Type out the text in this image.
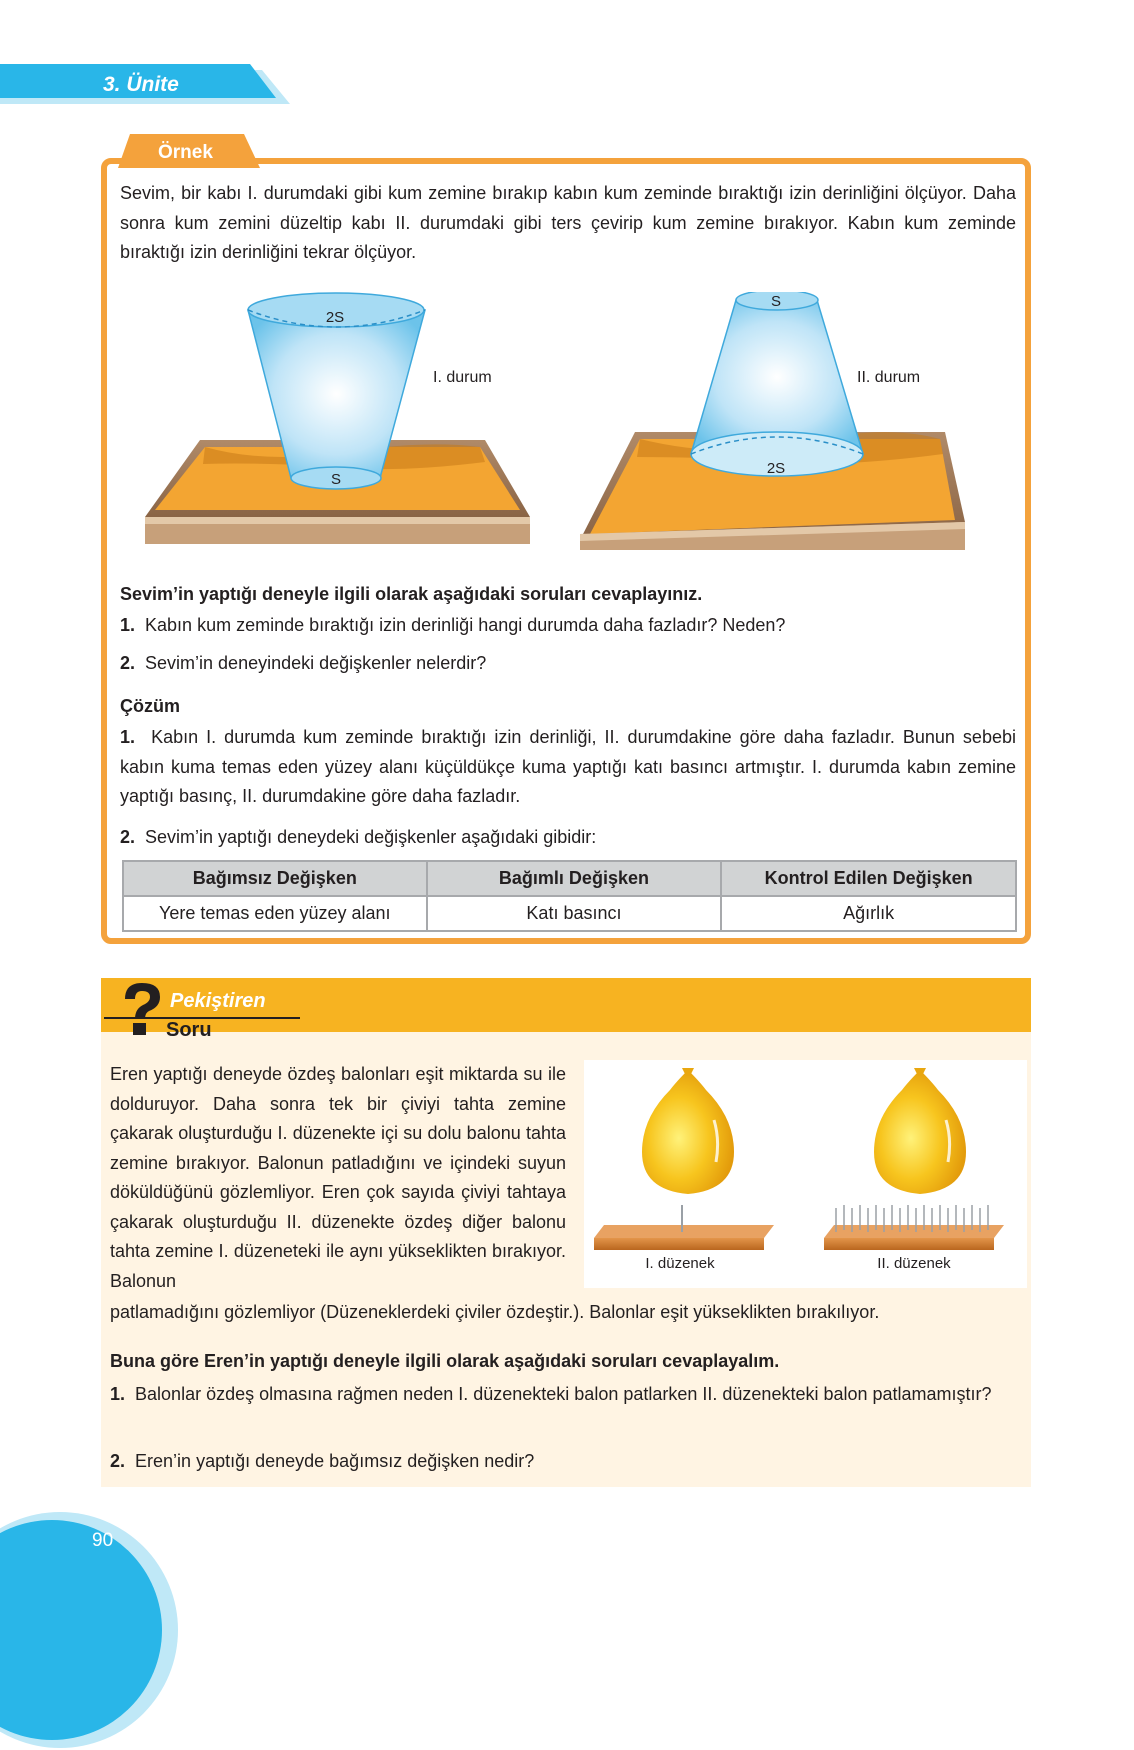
3. Ünite
Örnek
Sevim, bir kabı I. durumdaki gibi kum zemine bırakıp kabın kum zeminde bıraktığı izin derinliğini ölçüyor. Daha sonra kum zemini düzeltip kabı II. durumdaki gibi ters çevirip kum zemine bırakıyor. Kabın kum zeminde bıraktığı izin derinliğini tekrar ölçüyor.
2S
S
I. durum
S
2S
II. durum
Sevim’in yaptığı deneyle ilgili olarak aşağıdaki soruları cevaplayınız.
1. Kabın kum zeminde bıraktığı izin derinliği hangi durumda daha fazladır? Neden?
2. Sevim’in deneyindeki değişkenler nelerdir?
Çözüm
1. Kabın I. durumda kum zeminde bıraktığı izin derinliği, II. durumdakine göre daha fazladır. Bunun sebebi kabın kuma temas eden yüzey alanı küçüldükçe kuma yaptığı katı basıncı artmıştır. I. durumda kabın zemine yaptığı basınç, II. durumdakine göre daha fazladır.
2. Sevim’in yaptığı deneydeki değişkenler aşağıdaki gibidir:
Bağımsız Değişken	Bağımlı Değişken	Kontrol Edilen Değişken
Yere temas eden yüzey alanı	Katı basıncı	Ağırlık
Pekiştiren
Soru
Eren yaptığı deneyde özdeş balonları eşit miktarda su ile dolduruyor. Daha sonra tek bir çiviyi tahta zemine çakarak oluşturduğu I. düzenekte içi su dolu balonu tahta zemine bırakıyor. Balonun patladığını ve içindeki suyun döküldüğünü gözlemliyor. Eren çok sayıda çiviyi tahtaya çakarak oluşturduğu II. düzenekte özdeş diğer balonu tahta zemine I. düzeneteki ile aynı yükseklikten bırakıyor. Balonun
I. düzenek	II. düzenek
patlamadığını gözlemliyor (Düzeneklerdeki çiviler özdeştir.). Balonlar eşit yükseklikten bırakılıyor.
Buna göre Eren’in yaptığı deneyle ilgili olarak aşağıdaki soruları cevaplayalım.
1. Balonlar özdeş olmasına rağmen neden I. düzenekteki balon patlarken II. düzenekteki balon patlamamıştır?
2. Eren’in yaptığı deneyde bağımsız değişken nedir?
90
